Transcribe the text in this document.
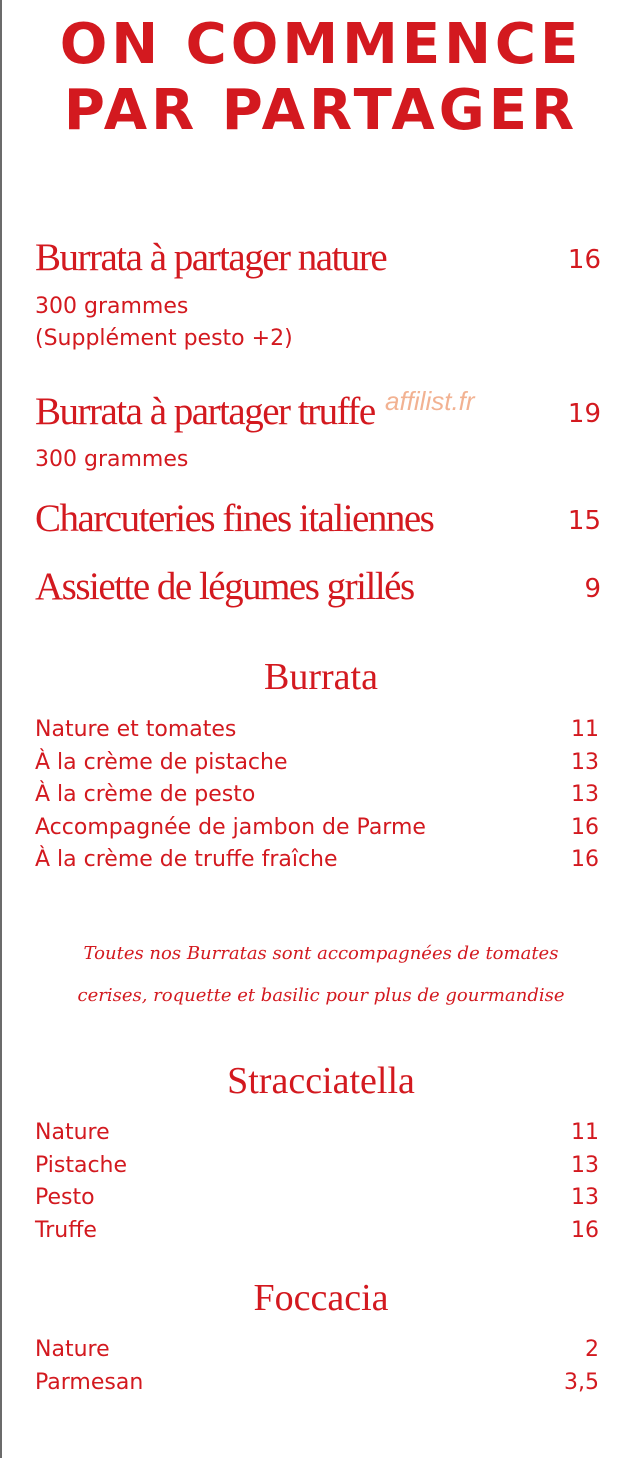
ON COMMENCE
PAR PARTAGER
Burrata à partager nature	16
300 grammes
(Supplément pesto +2)
Burrata à partager truffe	19
affilist.fr
300 grammes
Charcuteries fines italiennes	15
Assiette de légumes grillés	9
Burrata
Nature et tomates	11
À la crème de pistache	13
À la crème de pesto	13
Accompagnée de jambon de Parme	16
À la crème de truffe fraîche	16
Toutes nos Burratas sont accompagnées de tomates
cerises, roquette et basilic pour plus de gourmandise
Stracciatella
Nature	11
Pistache	13
Pesto	13
Truffe	16
Foccacia
Nature	2
Parmesan	3,5
